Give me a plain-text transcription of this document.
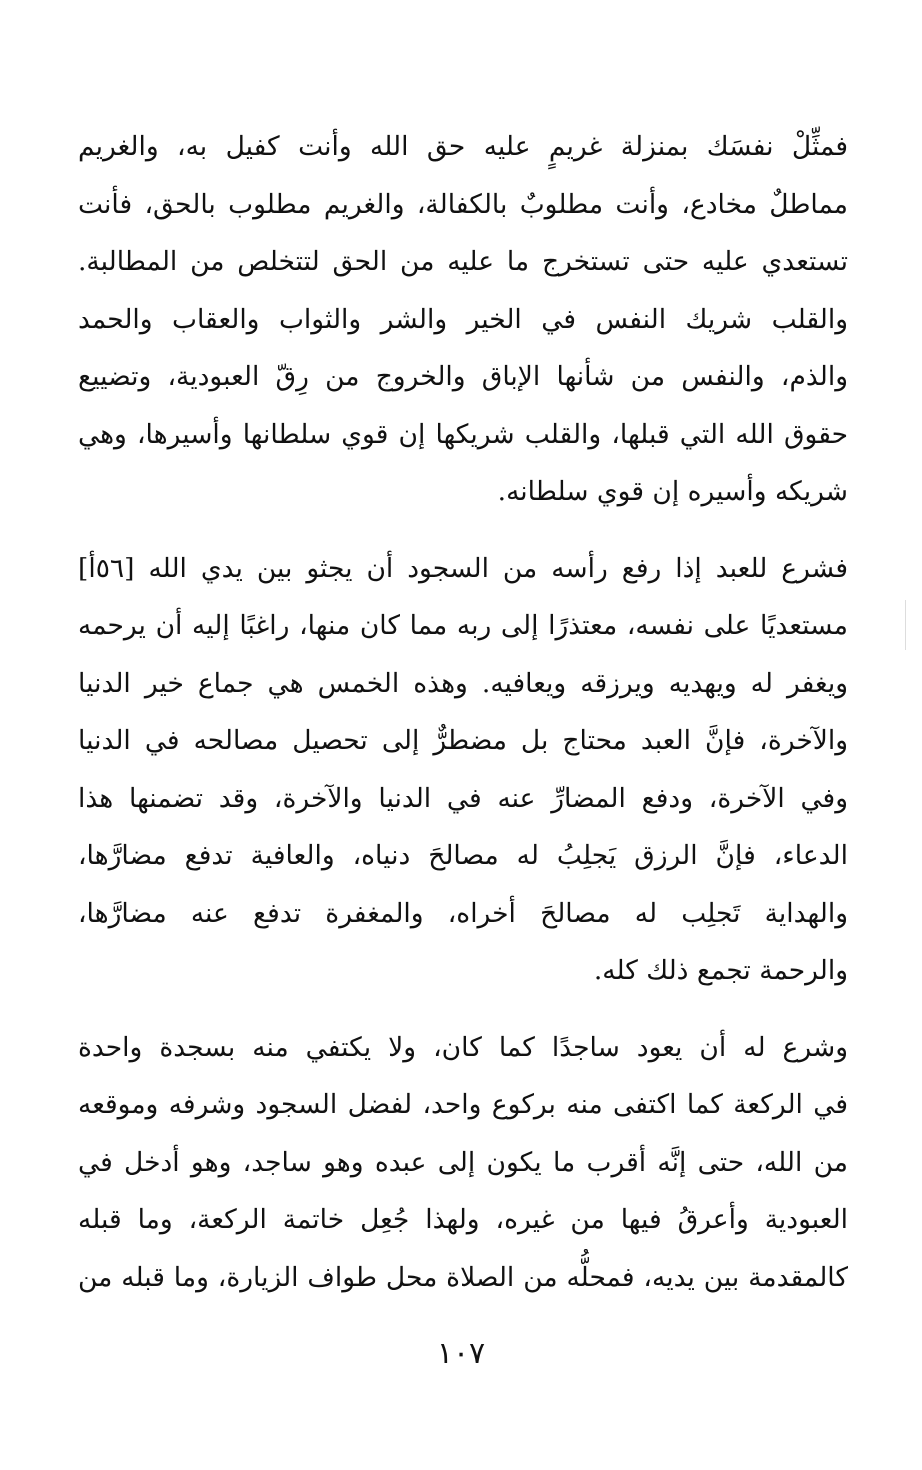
فمثِّلْ نفسَك بمنزلة غريمٍ عليه حق الله وأنت كفيل به، والغريم
مماطلٌ مخادع، وأنت مطلوبٌ بالكفالة، والغريم مطلوب بالحق، فأنت
تستعدي عليه حتى تستخرج ما عليه من الحق لتتخلص من المطالبة.
والقلب شريك النفس في الخير والشر والثواب والعقاب والحمد
والذم، والنفس من شأنها الإباق والخروج من رِقّ العبودية، وتضييع
حقوق الله التي قبلها، والقلب شريكها إن قوي سلطانها وأسيرها، وهي
شريكه وأسيره إن قوي سلطانه.
فشرع للعبد إذا رفع رأسه من السجود أن يجثو بين يدي الله [٥٦أ]
مستعديًا على نفسه، معتذرًا إلى ربه مما كان منها، راغبًا إليه أن يرحمه
ويغفر له ويهديه ويرزقه ويعافيه. وهذه الخمس هي جماع خير الدنيا
والآخرة، فإنَّ العبد محتاج بل مضطرٌّ إلى تحصيل مصالحه في الدنيا
وفي الآخرة، ودفع المضارِّ عنه في الدنيا والآخرة، وقد تضمنها هذا
الدعاء، فإنَّ الرزق يَجلِبُ له مصالحَ دنياه، والعافية تدفع مضارَّها،
والهداية تَجلِب له مصالحَ أخراه، والمغفرة تدفع عنه مضارَّها،
والرحمة تجمع ذلك كله.
وشرع له أن يعود ساجدًا كما كان، ولا يكتفي منه بسجدة واحدة
في الركعة كما اكتفى منه بركوع واحد، لفضل السجود وشرفه وموقعه
من الله، حتى إنَّه أقرب ما يكون إلى عبده وهو ساجد، وهو أدخل في
العبودية وأعرقُ فيها من غيره، ولهذا جُعِل خاتمة الركعة، وما قبله
كالمقدمة بين يديه، فمحلُّه من الصلاة محل طواف الزيارة، وما قبله من
١٠٧
